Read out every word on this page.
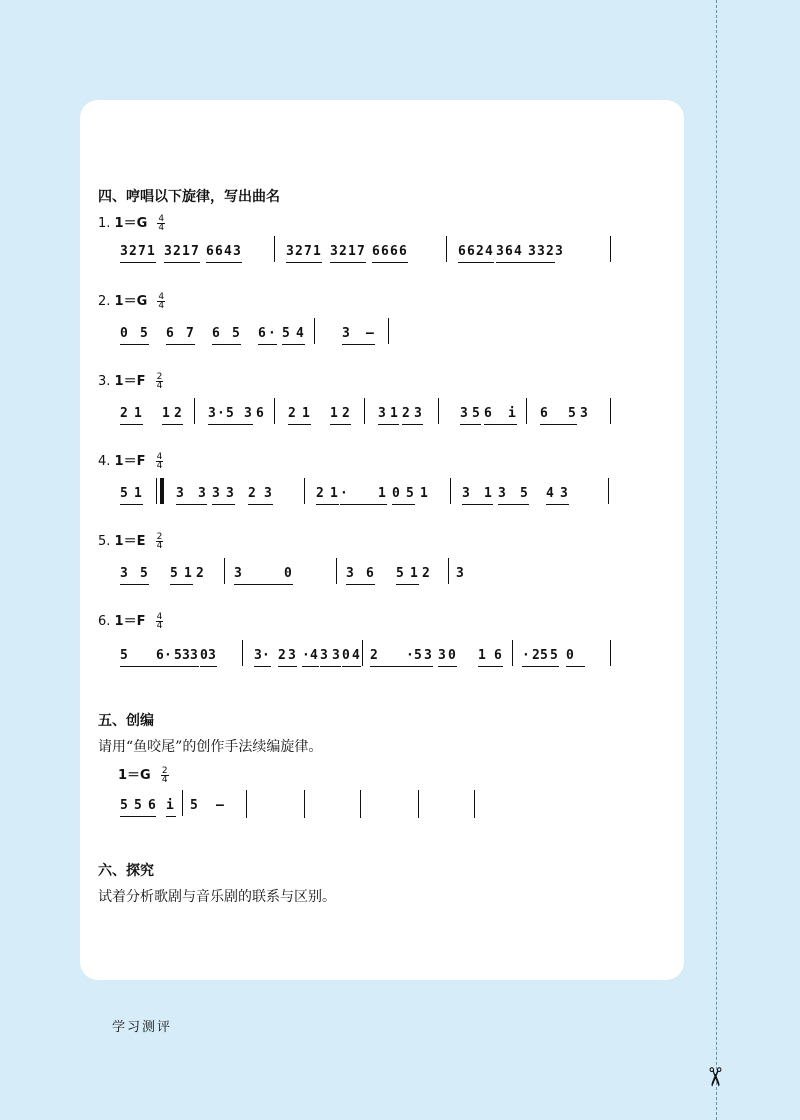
✂
四、哼唱以下旋律，写出曲名
1. $1=G \frac{4}{4}$
3 2 7 1 3 2 1 7 6 6 4 3	3 2 7 1 3 2 1 7 6 6 6 6	6 6 2 4 3 6 4 3 3 2 3
2. $1=G \frac{4}{4}$
0 5 6 7 6 5 6 · 5 4	3 –
3. $1=F \frac{2}{4}$
2 1 1 2 3 · 5 3 6 2 1 1 2 3 1 2 3	3 5 6 i 6 5 3
4. $1=F \frac{4}{4}$
5 1	3 3 3 3 2 3	2 1 · 1 0 5 1	3 1 3 5 4 3
5. $1=E \frac{2}{4}$
3 5 5 1 2 3	0	3 6 5 1 2 3
6. $1=F \frac{4}{4}$
5 6 · 5 3 3 0 3	3 · 2 3 · 4 3 3 0 4 2 · 5 3 3 0 1 6 · 2 5 5 0
五、创编
请用“鱼咬尾”的创作手法续编旋律。
$1=G \frac{2}{4}$
5 5 6 i 5 –
六、探究
试着分析歌剧与音乐剧的联系与区别。
学习测评
